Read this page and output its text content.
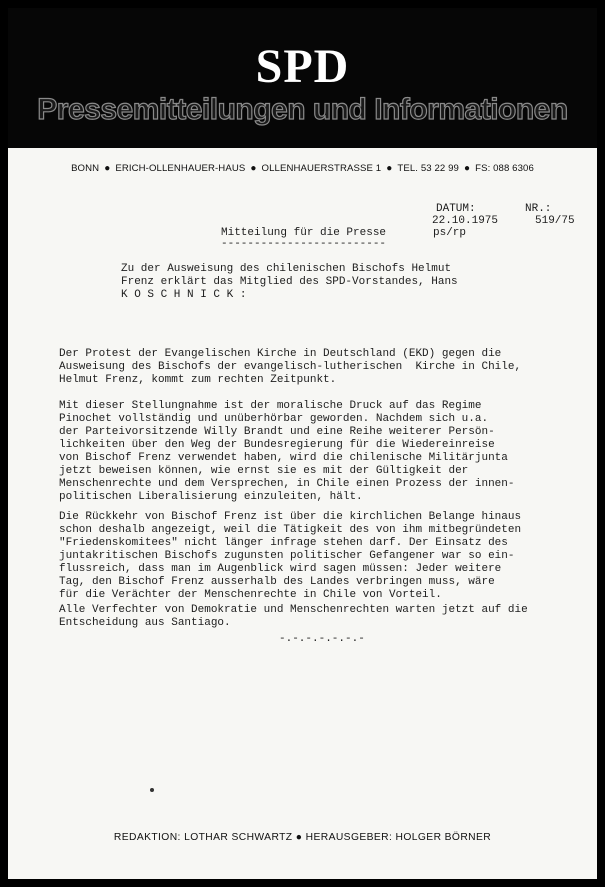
SPD
Pressemitteilungen und Informationen
BONN ● ERICH-OLLENHAUER-HAUS ● OLLENHAUERSTRASSE 1 ● TEL. 53 22 99 ● FS: 088 6306
DATUM:	NR.:
22.10.1975	519/75
ps/rp
Mitteilung für die Presse
-------------------------
Zu der Ausweisung des chilenischen Bischofs Helmut
Frenz erklärt das Mitglied des SPD-Vorstandes, Hans
K O S C H N I C K :
Der Protest der Evangelischen Kirche in Deutschland (EKD) gegen die
Ausweisung des Bischofs der evangelisch-lutherischen  Kirche in Chile,
Helmut Frenz, kommt zum rechten Zeitpunkt.
Mit dieser Stellungnahme ist der moralische Druck auf das Regime
Pinochet vollständig und unüberhörbar geworden. Nachdem sich u.a.
der Parteivorsitzende Willy Brandt und eine Reihe weiterer Persön-
lichkeiten über den Weg der Bundesregierung für die Wiedereinreise
von Bischof Frenz verwendet haben, wird die chilenische Militärjunta
jetzt beweisen können, wie ernst sie es mit der Gültigkeit der
Menschenrechte und dem Versprechen, in Chile einen Prozess der innen-
politischen Liberalisierung einzuleiten, hält.
Die Rückkehr von Bischof Frenz ist über die kirchlichen Belange hinaus
schon deshalb angezeigt, weil die Tätigkeit des von ihm mitbegründeten
"Friedenskomitees" nicht länger infrage stehen darf. Der Einsatz des
juntakritischen Bischofs zugunsten politischer Gefangener war so ein-
flussreich, dass man im Augenblick wird sagen müssen: Jeder weitere
Tag, den Bischof Frenz ausserhalb des Landes verbringen muss, wäre
für die Verächter der Menschenrechte in Chile von Vorteil.
Alle Verfechter von Demokratie und Menschenrechten warten jetzt auf die
Entscheidung aus Santiago.
-.-.-.-.-.-.-
REDAKTION: LOTHAR SCHWARTZ ● HERAUSGEBER: HOLGER BÖRNER
